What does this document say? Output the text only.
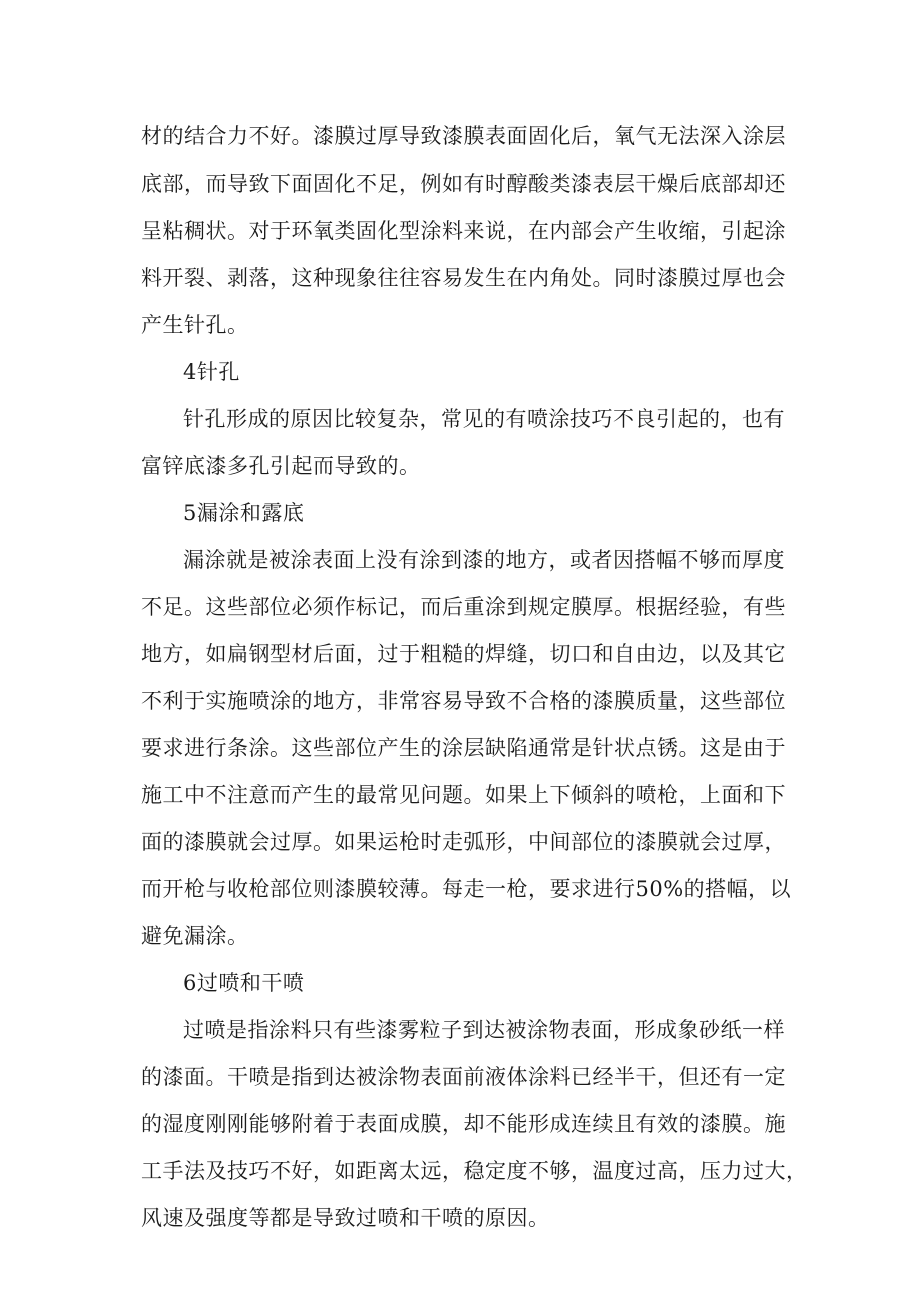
材的结合力不好。漆膜过厚导致漆膜表面固化后，氧气无法深入涂层
底部，而导致下面固化不足，例如有时醇酸类漆表层干燥后底部却还
呈粘稠状。对于环氧类固化型涂料来说，在内部会产生收缩，引起涂
料开裂、剥落，这种现象往往容易发生在内角处。同时漆膜过厚也会
产生针孔。
4针孔
针孔形成的原因比较复杂，常见的有喷涂技巧不良引起的，也有
富锌底漆多孔引起而导致的。
5漏涂和露底
漏涂就是被涂表面上没有涂到漆的地方，或者因搭幅不够而厚度
不足。这些部位必须作标记，而后重涂到规定膜厚。根据经验，有些
地方，如扁钢型材后面，过于粗糙的焊缝，切口和自由边，以及其它
不利于实施喷涂的地方，非常容易导致不合格的漆膜质量，这些部位
要求进行条涂。这些部位产生的涂层缺陷通常是针状点锈。这是由于
施工中不注意而产生的最常见问题。如果上下倾斜的喷枪，上面和下
面的漆膜就会过厚。如果运枪时走弧形，中间部位的漆膜就会过厚，
而开枪与收枪部位则漆膜较薄。每走一枪，要求进行50%的搭幅，以
避免漏涂。
6过喷和干喷
过喷是指涂料只有些漆雾粒子到达被涂物表面，形成象砂纸一样
的漆面。干喷是指到达被涂物表面前液体涂料已经半干，但还有一定
的湿度刚刚能够附着于表面成膜，却不能形成连续且有效的漆膜。施
工手法及技巧不好，如距离太远，稳定度不够，温度过高，压力过大，
风速及强度等都是导致过喷和干喷的原因。
